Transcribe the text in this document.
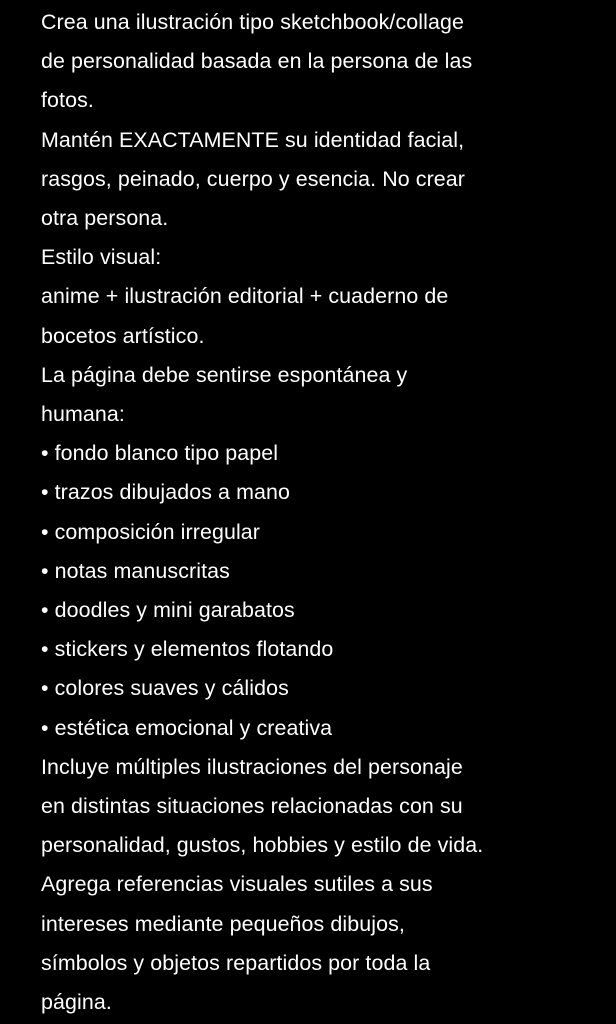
Crea una ilustración tipo sketchbook/collage
de personalidad basada en la persona de las
fotos.
Mantén EXACTAMENTE su identidad facial,
rasgos, peinado, cuerpo y esencia. No crear
otra persona.
Estilo visual:
anime + ilustración editorial + cuaderno de
bocetos artístico.
La página debe sentirse espontánea y
humana:
• fondo blanco tipo papel
• trazos dibujados a mano
• composición irregular
• notas manuscritas
• doodles y mini garabatos
• stickers y elementos flotando
• colores suaves y cálidos
• estética emocional y creativa
Incluye múltiples ilustraciones del personaje
en distintas situaciones relacionadas con su
personalidad, gustos, hobbies y estilo de vida.
Agrega referencias visuales sutiles a sus
intereses mediante pequeños dibujos,
símbolos y objetos repartidos por toda la
página.
